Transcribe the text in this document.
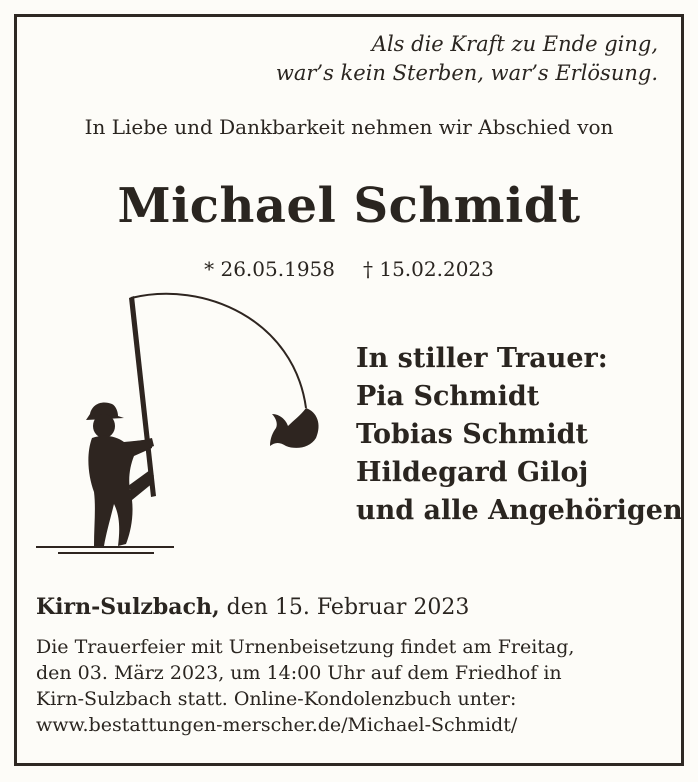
Als die Kraft zu Ende ging,
war’s kein Sterben, war’s Erlösung.
In Liebe und Dankbarkeit nehmen wir Abschied von
Michael Schmidt
* 26.05.1958 † 15.02.2023
In stiller Trauer:
Pia Schmidt
Tobias Schmidt
Hildegard Giloj
und alle Angehörigen
Kirn-Sulzbach, den 15. Februar 2023
Die Trauerfeier mit Urnenbeisetzung findet am Freitag,
den 03. März 2023, um 14:00 Uhr auf dem Friedhof in
Kirn-Sulzbach statt. Online-Kondolenzbuch unter:
www.bestattungen-merscher.de/Michael-Schmidt/
